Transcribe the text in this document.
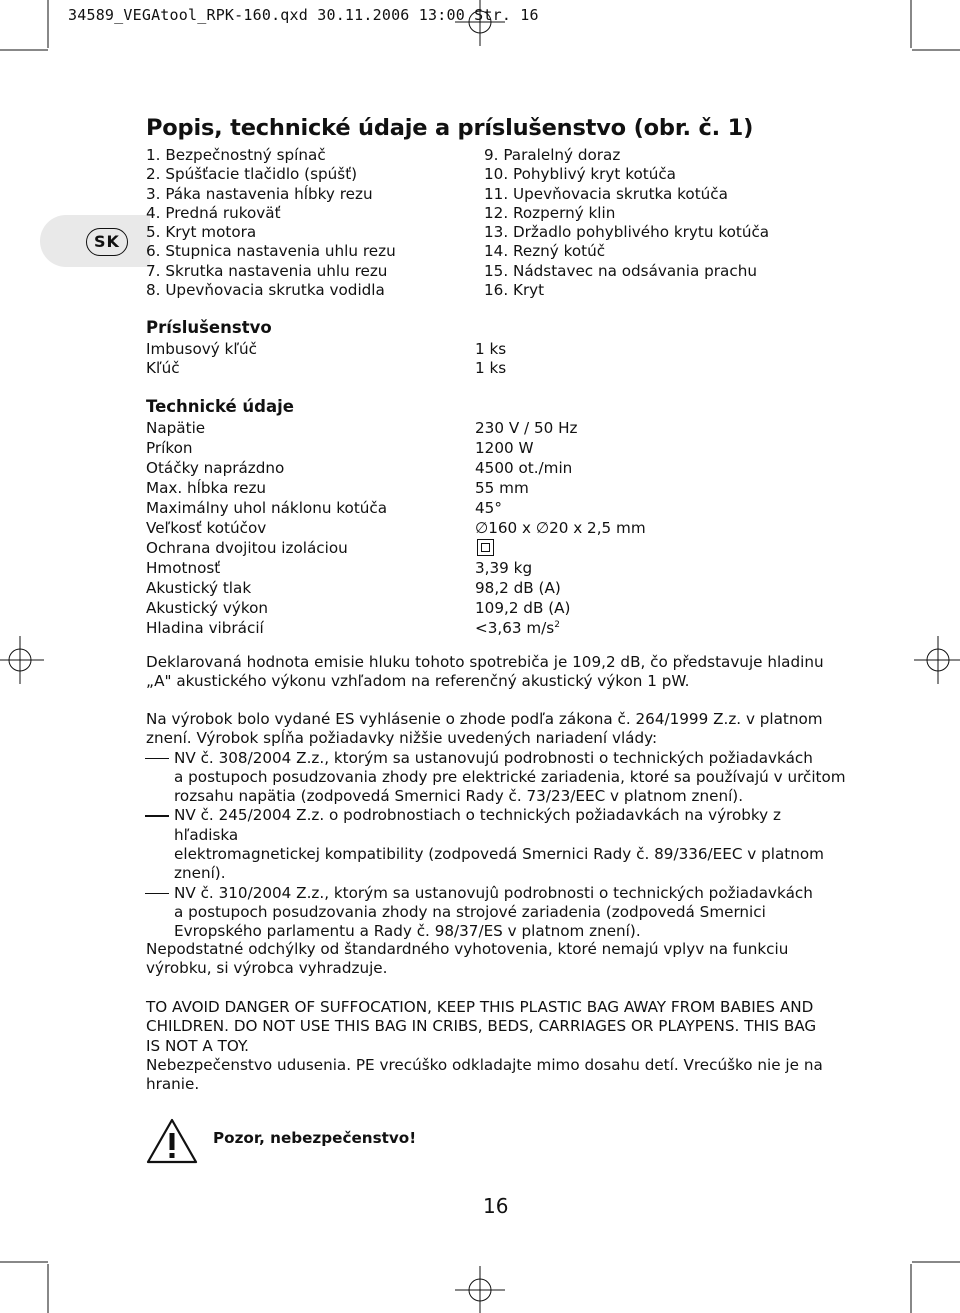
34589_VEGAtool_RPK-160.qxd 30.11.2006 13:00 Str. 16
SK
Popis, technické údaje a príslušenstvo (obr. č. 1)
1. Bezpečnostný spínač
2. Spúšťacie tlačidlo (spúšť)
3. Páka nastavenia hĺbky rezu
4. Predná rukoväť
5. Kryt motora
6. Stupnica nastavenia uhlu rezu
7. Skrutka nastavenia uhlu rezu
8. Upevňovacia skrutka vodidla
9. Paralelný doraz
10. Pohyblivý kryt kotúča
11. Upevňovacia skrutka kotúča
12. Rozperný klin
13. Držadlo pohyblivého krytu kotúča
14. Rezný kotúč
15. Nádstavec na odsávania prachu
16. Kryt
Príslušenstvo
Imbusový kľúč	1 ks
Kľúč	1 ks
Technické údaje
Napätie	230 V / 50 Hz
Príkon	1200 W
Otáčky naprázdno	4500 ot./min
Max. hĺbka rezu	55 mm
Maximálny uhol náklonu kotúča	45°
Veľkosť kotúčov	∅160 x ∅20 x 2,5 mm
Ochrana dvojitou izoláciou
Hmotnosť	3,39 kg
Akustický tlak	98,2 dB (A)
Akustický výkon	109,2 dB (A)
Hladina vibrácií	<3,63 $m/s^2$

Deklarovaná hodnota emisie hluku tohoto spotrebiča je 109,2 dB, čo představuje hladinu „A" akustického výkonu vzhľadom na referenčný akustický výkon 1 pW.

Na výrobok bolo vydané ES vyhlásenie o zhode podľa zákona č. 264/1999 Z.z. v platnom znení. Výrobok spĺňa požiadavky nižšie uvedených nariadení vlády:

NV č. 308/2004 Z.z., ktorým sa ustanovujú podrobnosti o technických požiadavkách
a postupoch posudzovania zhody pre elektrické zariadenia, ktoré sa používajú v určitom
rozsahu napätia (zodpovedá Smernici Rady č. 73/23/EEC v platnom znení).
NV č. 245/2004 Z.z. o podrobnostiach o technických požiadavkách na výrobky z hľadiska
elektromagnetickej kompatibility (zodpovedá Smernici Rady č. 89/336/EEC v platnom
znení).
NV č. 310/2004 Z.z., ktorým sa ustanovujû podrobnosti o technických požiadavkách
a postupoch posudzovania zhody na strojové zariadenia (zodpovedá Smernici
Evropského parlamentu a Rady č. 98/37/ES v platnom znení).

Nepodstatné odchýlky od štandardného vyhotovenia, ktoré nemajú vplyv na funkciu výrobku, si výrobca vyhradzuje.

TO AVOID DANGER OF SUFFOCATION, KEEP THIS PLASTIC BAG AWAY FROM BABIES AND CHILDREN. DO NOT USE THIS BAG IN CRIBS, BEDS, CARRIAGES OR PLAYPENS. THIS BAG IS NOT A TOY.

Nebezpečenstvo udusenia. PE vrecúško odkladajte mimo dosahu detí. Vrecúško nie je na hranie.

Pozor, nebezpečenstvo!
16
